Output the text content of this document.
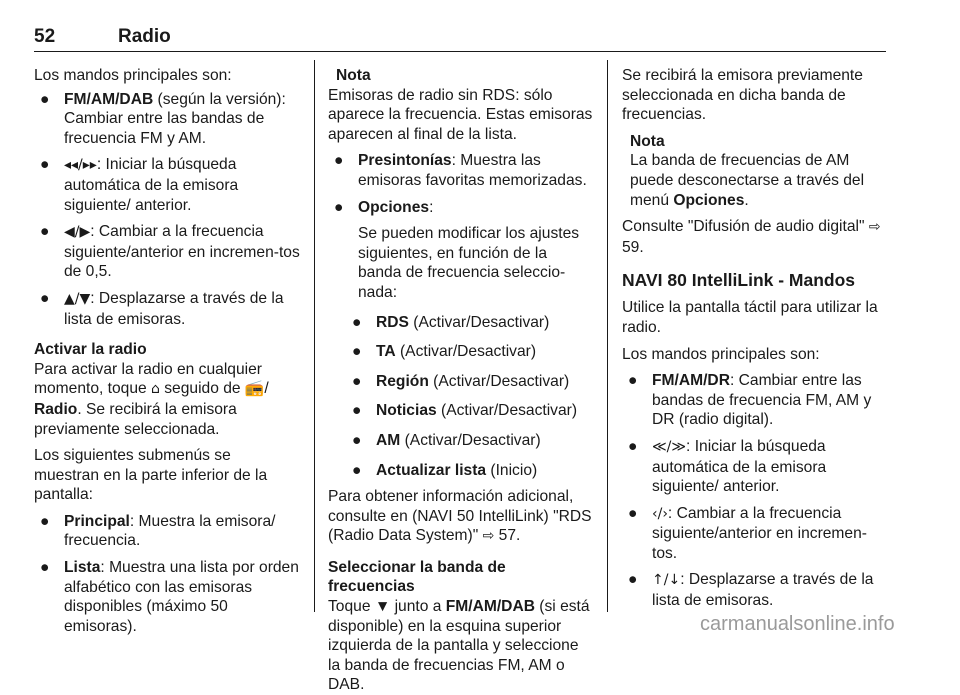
52	Radio

Los mandos principales son:

● FM/AM/DAB (según la versión): Cambiar entre las bandas de frecuencia FM y AM.
● ◂◂/▸▸: Iniciar la búsqueda automática de la emisora siguiente/ anterior.
● ◀/▶: Cambiar a la frecuencia siguiente/anterior en incremen-tos de 0,5.
● ▲/▼: Desplazarse a través de la lista de emisoras.

Activar la radio

Para activar la radio en cualquier momento, toque ⌂ seguido de 📻/ Radio. Se recibirá la emisora previamente seleccionada.

Los siguientes submenús se muestran en la parte inferior de la pantalla:

● Principal: Muestra la emisora/ frecuencia.
● Lista: Muestra una lista por orden alfabético con las emisoras disponibles (máximo 50 emisoras).

Nota

Emisoras de radio sin RDS: sólo aparece la frecuencia. Estas emisoras aparecen al final de la lista.

● Presintonías: Muestra las emisoras favoritas memorizadas.
● Opciones:

Se pueden modificar los ajustes siguientes, en función de la banda de frecuencia seleccio-nada:

● RDS (Activar/Desactivar)
● TA (Activar/Desactivar)
● Región (Activar/Desactivar)
● Noticias (Activar/Desactivar)
● AM (Activar/Desactivar)
● Actualizar lista (Inicio)

Para obtener información adicional, consulte en (NAVI 50 IntelliLink) "RDS (Radio Data System)" ⇨ 57.

Seleccionar la banda de frecuencias

Toque ▼ junto a FM/AM/DAB (si está disponible) en la esquina superior izquierda de la pantalla y seleccione la banda de frecuencias FM, AM o DAB.

Se recibirá la emisora previamente seleccionada en dicha banda de frecuencias.

Nota

La banda de frecuencias de AM puede desconectarse a través del menú Opciones.

Consulte "Difusión de audio digital" ⇨ 59.

NAVI 80 IntelliLink - Mandos

Utilice la pantalla táctil para utilizar la radio.

Los mandos principales son:

● FM/AM/DR: Cambiar entre las bandas de frecuencia FM, AM y DR (radio digital).
● ≪/≫: Iniciar la búsqueda automática de la emisora siguiente/ anterior.
● ‹/›: Cambiar a la frecuencia siguiente/anterior en incremen-tos.
● ↑/↓: Desplazarse a través de la lista de emisoras.
carmanualsonline.info
